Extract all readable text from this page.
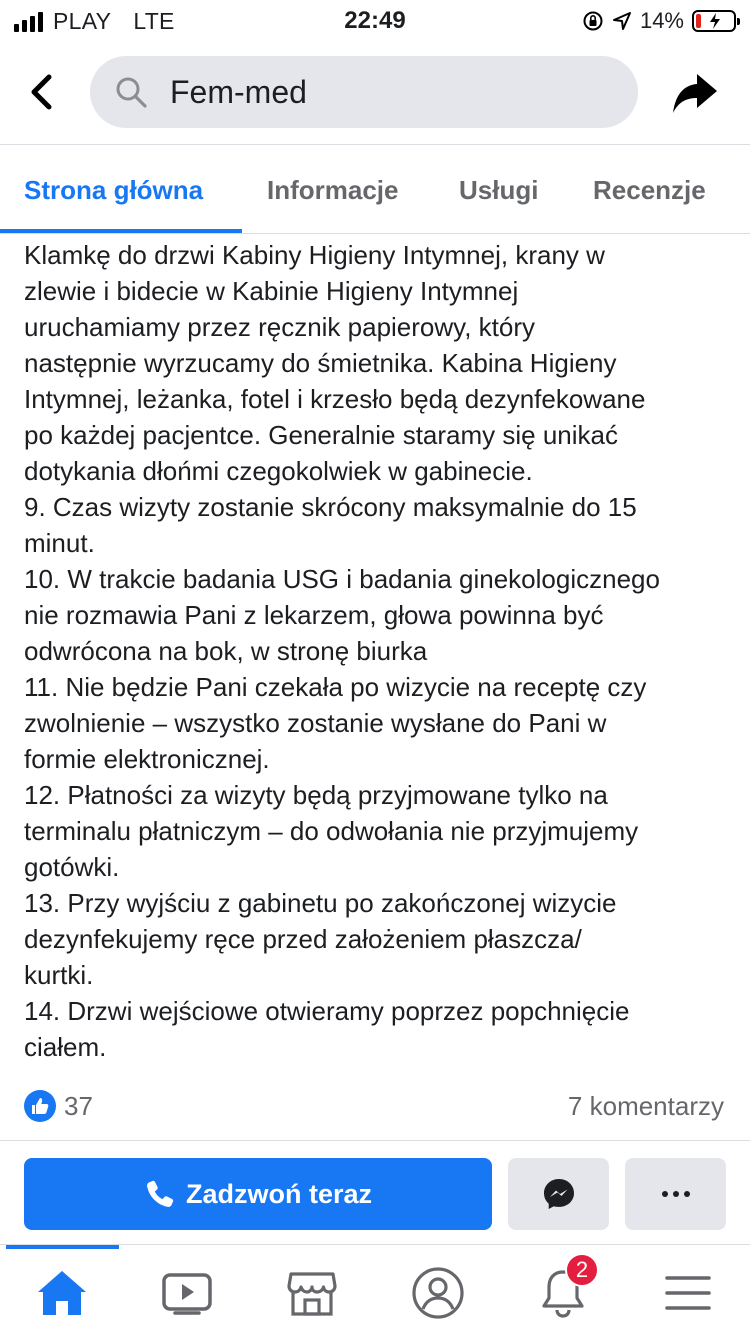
PLAY LTE	22:49	14%
Fem-med
Strona główna Informacje Usługi Recenzje

Klamkę do drzwi Kabiny Higieny Intymnej, krany w

zlewie i bidecie w Kabinie Higieny Intymnej

uruchamiamy przez ręcznik papierowy, który

następnie wyrzucamy do śmietnika. Kabina Higieny

Intymnej, leżanka, fotel i krzesło będą dezynfekowane

po każdej pacjentce. Generalnie staramy się unikać

dotykania dłońmi czegokolwiek w gabinecie.

9. Czas wizyty zostanie skrócony maksymalnie do 15

minut.

10. W trakcie badania USG i badania ginekologicznego

nie rozmawia Pani z lekarzem, głowa powinna być

odwrócona na bok, w stronę biurka

11. Nie będzie Pani czekała po wizycie na receptę czy

zwolnienie – wszystko zostanie wysłane do Pani w

formie elektronicznej.

12. Płatności za wizyty będą przyjmowane tylko na

terminalu płatniczym – do odwołania nie przyjmujemy

gotówki.

13. Przy wyjściu z gabinetu po zakończonej wizycie

dezynfekujemy ręce przed założeniem płaszcza/

kurtki.

14. Drzwi wejściowe otwieramy poprzez popchnięcie

ciałem.

37	7 komentarzy
Zadzwoń teraz
2
